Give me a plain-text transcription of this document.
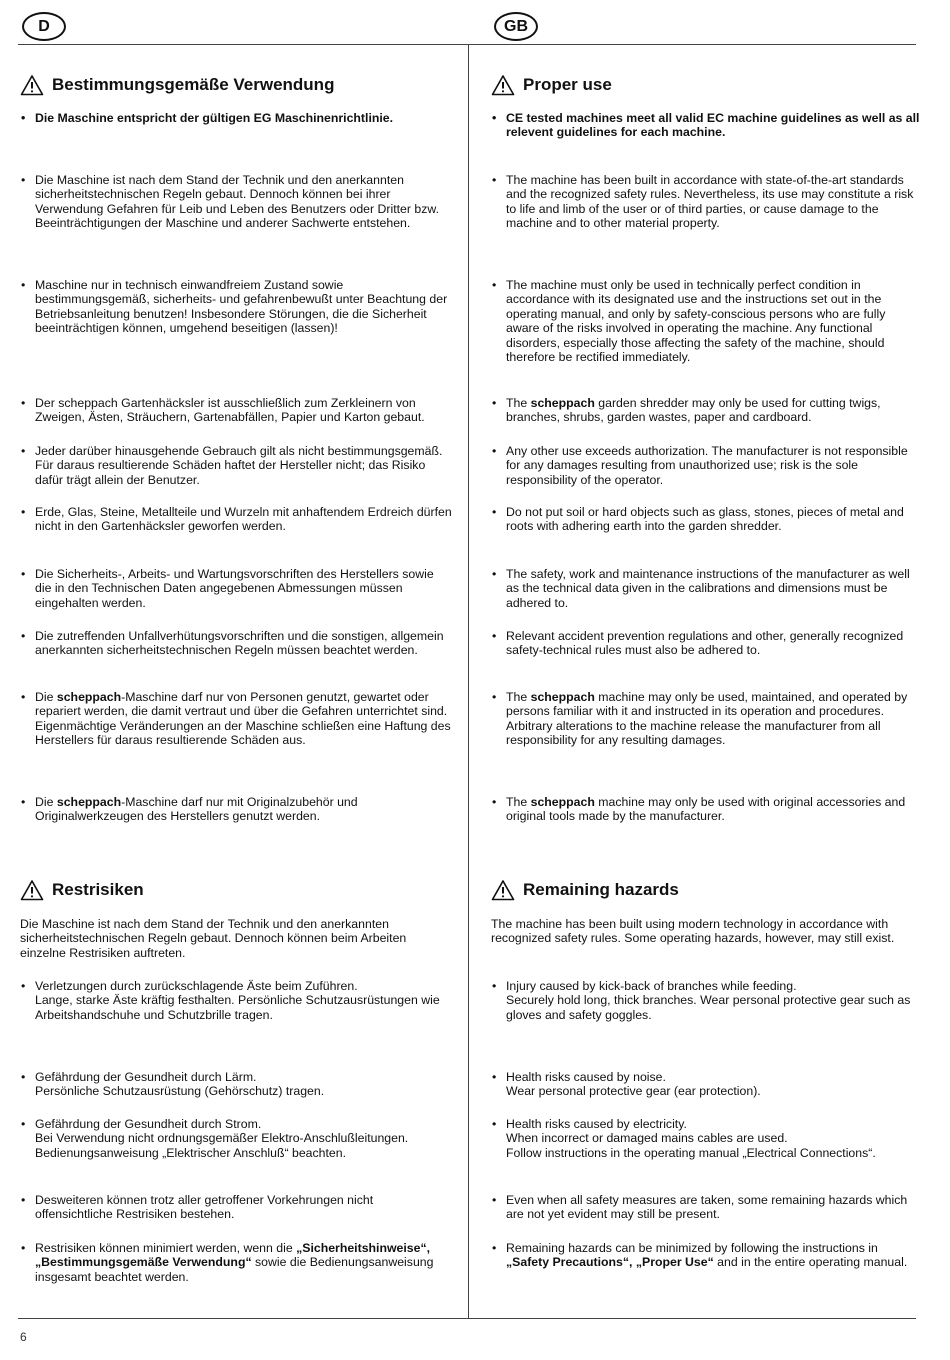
D	GB
Bestimmungsgemäße Verwendung
• Die Maschine entspricht der gültigen EG Maschinenrichtlinie.
• Die Maschine ist nach dem Stand der Technik und den anerkannten sicherheitstechnischen Regeln gebaut. Dennoch können bei ihrer Verwendung Gefahren für Leib und Leben des Benutzers oder Dritter bzw. Beeinträchtigungen der Maschine und anderer Sachwerte entstehen.
• Maschine nur in technisch einwandfreiem Zustand sowie bestimmungsgemäß, sicherheits- und gefahrenbewußt unter Beachtung der Betriebsanleitung benutzen! Insbesondere Störungen, die die Sicherheit beeinträchtigen können, umgehend beseitigen (lassen)!
• Der scheppach Gartenhäcksler ist ausschließlich zum Zerkleinern von Zweigen, Ästen, Sträuchern, Gartenabfällen, Papier und Karton gebaut.
• Jeder darüber hinausgehende Gebrauch gilt als nicht bestimmungsgemäß. Für daraus resultierende Schäden haftet der Hersteller nicht; das Risiko dafür trägt allein der Benutzer.
• Erde, Glas, Steine, Metallteile und Wurzeln mit anhaftendem Erdreich dürfen nicht in den Gartenhäcksler geworfen werden.
• Die Sicherheits-, Arbeits- und Wartungsvorschriften des Herstellers sowie die in den Technischen Daten angegebenen Abmessungen müssen eingehalten werden.
• Die zutreffenden Unfallverhütungsvorschriften und die sonstigen, allgemein anerkannten sicherheitstechnischen Regeln müssen beachtet werden.
• Die scheppach-Maschine darf nur von Personen genutzt, gewartet oder repariert werden, die damit vertraut und über die Gefahren unterrichtet sind. Eigenmächtige Veränderungen an der Maschine schließen eine Haftung des Herstellers für daraus resultierende Schäden aus.
• Die scheppach-Maschine darf nur mit Originalzubehör und Originalwerkzeugen des Herstellers genutzt werden.
Restrisiken
Die Maschine ist nach dem Stand der Technik und den anerkannten sicherheitstechnischen Regeln gebaut. Dennoch können beim Arbeiten einzelne Restrisiken auftreten.
• Verletzungen durch zurückschlagende Äste beim Zuführen.
Lange, starke Äste kräftig festhalten. Persönliche Schutzausrüstungen wie Arbeitshandschuhe und Schutzbrille tragen.
• Gefährdung der Gesundheit durch Lärm.
Persönliche Schutzausrüstung (Gehörschutz) tragen.
• Gefährdung der Gesundheit durch Strom.
Bei Verwendung nicht ordnungsgemäßer Elektro-Anschlußleitungen.
Bedienungsanweisung „Elektrischer Anschluß“ beachten.
• Desweiteren können trotz aller getroffener Vorkehrungen nicht offensichtliche Restrisiken bestehen.
• Restrisiken können minimiert werden, wenn die „Sicherheitshinweise“, „Bestimmungsgemäße Verwendung“ sowie die Bedienungsanweisung insgesamt beachtet werden.
Proper use
• CE tested machines meet all valid EC machine guidelines as well as all relevent guidelines for each machine.
• The machine has been built in accordance with state-of-the-art standards and the recognized safety rules. Nevertheless, its use may constitute a risk to life and limb of the user or of third parties, or cause damage to the machine and to other material property.
• The machine must only be used in technically perfect condition in accordance with its designated use and the instructions set out in the operating manual, and only by safety-conscious persons who are fully aware of the risks involved in operating the machine. Any functional disorders, especially those affecting the safety of the machine, should therefore be rectified immediately.
• The scheppach garden shredder may only be used for cutting twigs, branches, shrubs, garden wastes, paper and cardboard.
• Any other use exceeds authorization. The manufacturer is not responsible for any damages resulting from unauthorized use; risk is the sole responsibility of the operator.
• Do not put soil or hard objects such as glass, stones, pieces of metal and roots with adhering earth into the garden shredder.
• The safety, work and maintenance instructions of the manufacturer as well as the technical data given in the calibrations and dimensions must be adhered to.
• Relevant accident prevention regulations and other, generally recognized safety-technical rules must also be adhered to.
• The scheppach machine may only be used, maintained, and operated by persons familiar with it and instructed in its operation and procedures. Arbitrary alterations to the machine release the manufacturer from all responsibility for any resulting damages.
• The scheppach machine may only be used with original accessories and original tools made by the manufacturer.
Remaining hazards
The machine has been built using modern technology in accordance with recognized safety rules. Some operating hazards, however, may still exist.
• Injury caused by kick-back of branches while feeding.
Securely hold long, thick branches. Wear personal protective gear such as gloves and safety goggles.
• Health risks caused by noise.
Wear personal protective gear (ear protection).
• Health risks caused by electricity.
When incorrect or damaged mains cables are used.
Follow instructions in the operating manual „Electrical Connections“.
• Even when all safety measures are taken, some remaining hazards which are not yet evident may still be present.
• Remaining hazards can be minimized by following the instructions in „Safety Precautions“, „Proper Use“ and in the entire operating manual.
6
